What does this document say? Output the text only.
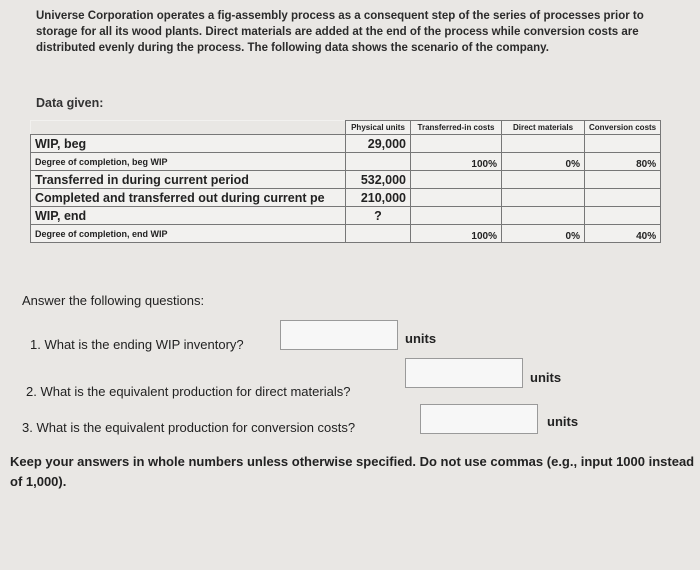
Universe Corporation operates a fig-assembly process as a consequent step of the series of processes prior to storage for all its wood plants. Direct materials are added at the end of the process while conversion costs are distributed evenly during the process. The following data shows the scenario of the company.
Data given:
	Physical units	Transferred-in costs	Direct materials	Conversion costs
WIP, beg	29,000			
Degree of completion, beg WIP		100%	0%	80%
Transferred in during current period	532,000			
Completed and transferred out during current pe	210,000			
WIP, end	?			
Degree of completion, end WIP		100%	0%	40%
Answer the following questions:
1. What is the ending WIP inventory?	units
2. What is the equivalent production for direct materials?
units
3. What is the equivalent production for conversion costs?	units
Keep your answers in whole numbers unless otherwise specified. Do not use commas (e.g., input 1000 instead of 1,000).
